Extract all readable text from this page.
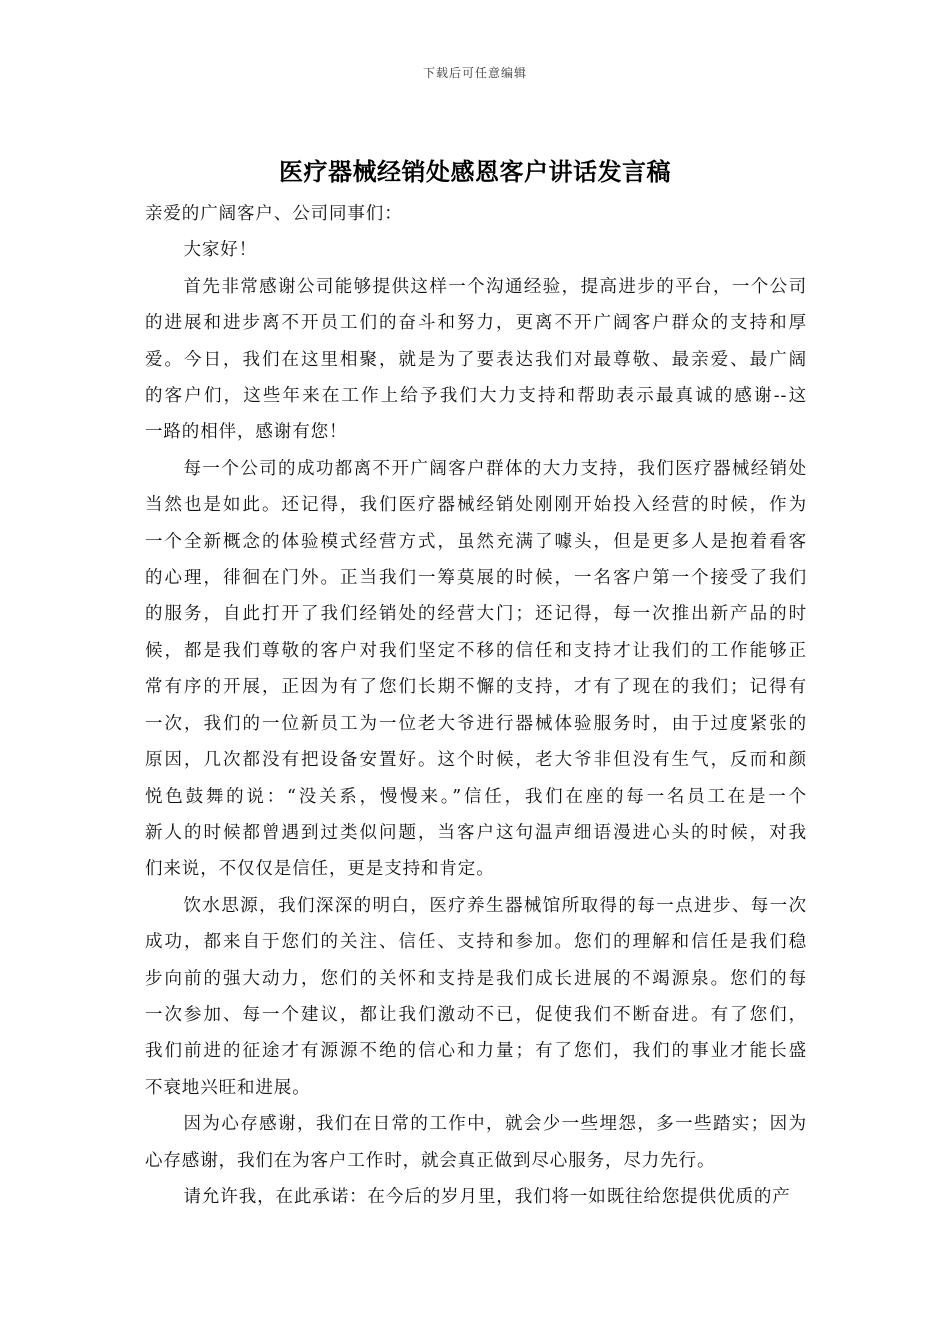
下载后可任意编辑
医疗器械经销处感恩客户讲话发言稿

亲爱的广阔客户、公司同事们：

大家好！

首先非常感谢公司能够提供这样一个沟通经验，提高进步的平台，一个公司
的进展和进步离不开员工们的奋斗和努力，更离不开广阔客户群众的支持和厚
爱。今日，我们在这里相聚，就是为了要表达我们对最尊敬、最亲爱、最广阔
的客户们，这些年来在工作上给予我们大力支持和帮助表示最真诚的感谢--这
一路的相伴，感谢有您！

每一个公司的成功都离不开广阔客户群体的大力支持，我们医疗器械经销处
当然也是如此。还记得，我们医疗器械经销处刚刚开始投入经营的时候，作为
一个全新概念的体验模式经营方式，虽然充满了噱头，但是更多人是抱着看客
的心理，徘徊在门外。正当我们一筹莫展的时候，一名客户第一个接受了我们
的服务，自此打开了我们经销处的经营大门；还记得，每一次推出新产品的时
候，都是我们尊敬的客户对我们坚定不移的信任和支持才让我们的工作能够正
常有序的开展，正因为有了您们长期不懈的支持，才有了现在的我们；记得有
一次，我们的一位新员工为一位老大爷进行器械体验服务时，由于过度紧张的
原因，几次都没有把设备安置好。这个时候，老大爷非但没有生气，反而和颜
悦色鼓舞的说：“没关系，慢慢来。”信任，我们在座的每一名员工在是一个
新人的时候都曾遇到过类似问题，当客户这句温声细语漫进心头的时候，对我
们来说，不仅仅是信任，更是支持和肯定。

饮水思源，我们深深的明白，医疗养生器械馆所取得的每一点进步、每一次
成功，都来自于您们的关注、信任、支持和参加。您们的理解和信任是我们稳
步向前的强大动力，您们的关怀和支持是我们成长进展的不竭源泉。您们的每
一次参加、每一个建议，都让我们激动不已，促使我们不断奋进。有了您们，
我们前进的征途才有源源不绝的信心和力量；有了您们，我们的事业才能长盛
不衰地兴旺和进展。

因为心存感谢，我们在日常的工作中，就会少一些埋怨，多一些踏实；因为
心存感谢，我们在为客户工作时，就会真正做到尽心服务，尽力先行。

请允许我，在此承诺：在今后的岁月里，我们将一如既往给您提供优质的产
